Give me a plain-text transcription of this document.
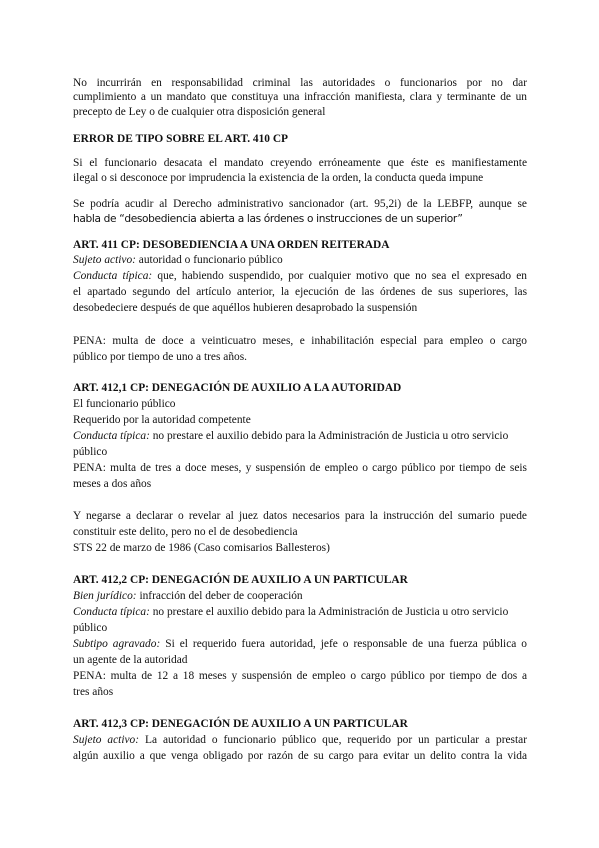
No incurrirán en responsabilidad criminal las autoridades o funcionarios por no dar
cumplimiento a un mandato que constituya una infracción manifiesta, clara y terminante de un
precepto de Ley o de cualquier otra disposición general
ERROR DE TIPO SOBRE EL ART. 410 CP
Si el funcionario desacata el mandato creyendo erróneamente que éste es manifiestamente
ilegal o si desconoce por imprudencia la existencia de la orden, la conducta queda impune
Se podría acudir al Derecho administrativo sancionador (art. 95,2i) de la LEBFP, aunque se
habla de “desobediencia abierta a las órdenes o instrucciones de un superior”
ART. 411 CP: DESOBEDIENCIA A UNA ORDEN REITERADA
Sujeto activo: autoridad o funcionario público
Conducta típica: que, habiendo suspendido, por cualquier motivo que no sea el expresado en
el apartado segundo del artículo anterior, la ejecución de las órdenes de sus superiores, las
desobedeciere después de que aquéllos hubieren desaprobado la suspensión
PENA: multa de doce a veinticuatro meses, e inhabilitación especial para empleo o cargo
público por tiempo de uno a tres años.
ART. 412,1 CP: DENEGACIÓN DE AUXILIO A LA AUTORIDAD
El funcionario público
Requerido por la autoridad competente
Conducta típica: no prestare el auxilio debido para la Administración de Justicia u otro servicio
público
PENA: multa de tres a doce meses, y suspensión de empleo o cargo público por tiempo de seis
meses a dos años
Y negarse a declarar o revelar al juez datos necesarios para la instrucción del sumario puede
constituir este delito, pero no el de desobediencia
STS 22 de marzo de 1986 (Caso comisarios Ballesteros)
ART. 412,2 CP: DENEGACIÓN DE AUXILIO A UN PARTICULAR
Bien jurídico: infracción del deber de cooperación
Conducta típica: no prestare el auxilio debido para la Administración de Justicia u otro servicio
público
Subtipo agravado: Si el requerido fuera autoridad, jefe o responsable de una fuerza pública o
un agente de la autoridad
PENA: multa de 12 a 18 meses y suspensión de empleo o cargo público por tiempo de dos a
tres años
ART. 412,3 CP: DENEGACIÓN DE AUXILIO A UN PARTICULAR
Sujeto activo: La autoridad o funcionario público que, requerido por un particular a prestar
algún auxilio a que venga obligado por razón de su cargo para evitar un delito contra la vida
